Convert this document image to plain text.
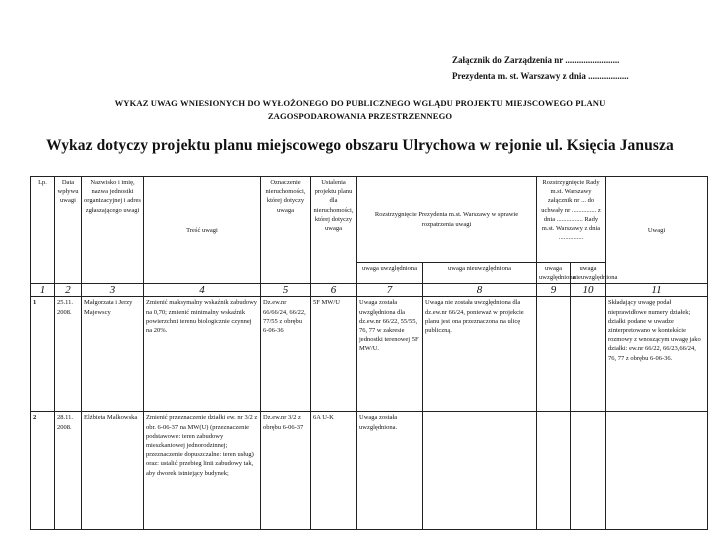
Załącznik do Zarządzenia nr ........................
Prezydenta m. st. Warszawy z dnia ..................
WYKAZ UWAG WNIESIONYCH DO WYŁOŻONEGO DO PUBLICZNEGO WGLĄDU PROJEKTU MIEJSCOWEGO PLANU
ZAGOSPODAROWANIA PRZESTRZENNEGO
Wykaz dotyczy projektu planu miejscowego obszaru Ulrychowa w rejonie ul. Księcia Janusza
Lp.	Data wpływu uwagi	Nazwisko i imię, nazwa jednostki organizacyjnej i adres zgłaszającego uwagi	Treść uwagi	Oznaczenie nieruchomości, której dotyczy uwaga	Ustalenia projektu planu dla nieruchomości, której dotyczy uwaga	Rozstrzygnięcie Prezydenta m.st. Warszawy w sprawie rozpatrzenia uwagi		Rozstrzygnięcie Rady m.st. Warszawy załącznik nr ... do uchwały nr ............... z dnia ................ Rady m.st. Warszawy z dnia ...............		Uwagi
						uwaga uwzględniona	uwaga nieuwzględniona	uwaga uwzględniona	uwaga nieuwzględniona	
1	2	3	4	5	6	7	8	9	10	11
1	25.11. 2008.	Małgorzata i Jerzy Majewscy	Zmienić maksymalny wskaźnik zabudowy na 0,70; zmienić minimalny wskaźnik powierzchni terenu biologicznie czynnej na 20%.	Dz.ew.nr 66/66/24, 66/22, 77/55 z obrębu 6-06-36	5F MW/U	Uwaga została uwzględniona dla dz.ew.nr 66/22, 55/55, 76, 77 w zakresie jednostki terenowej 5F MW/U.	Uwaga nie została uwzględniona dla dz.ew.nr 66/24, ponieważ w projekcie planu jest ona przeznaczona na ulicę publiczną.			Składający uwagę podał nieprawidłowe numery działek; działki podane w uwadze zinterpretowano w kontekście rozmowy z wnoszącym uwagę jako działki: ew.nr 66/22, 66/23,66/24, 76, 77 z obrębu 6-06-36.
2	28.11. 2008.	Elżbieta Malkowska	Zmienić przeznaczenie działki ew. nr 3/2 z obr. 6-06-37 na MW(U) (przeznaczenie podstawowe: teren zabudowy mieszkaniowej jednorodzinnej; przeznaczenie dopuszczalne: teren usług) oraz: ustalić przebieg linii zabudowy tak, aby dworek istniejący budynek;	Dz.ew.nr 3/2 z obrębu 6-06-37	6A U-K	Uwaga została uwzględniona.				
